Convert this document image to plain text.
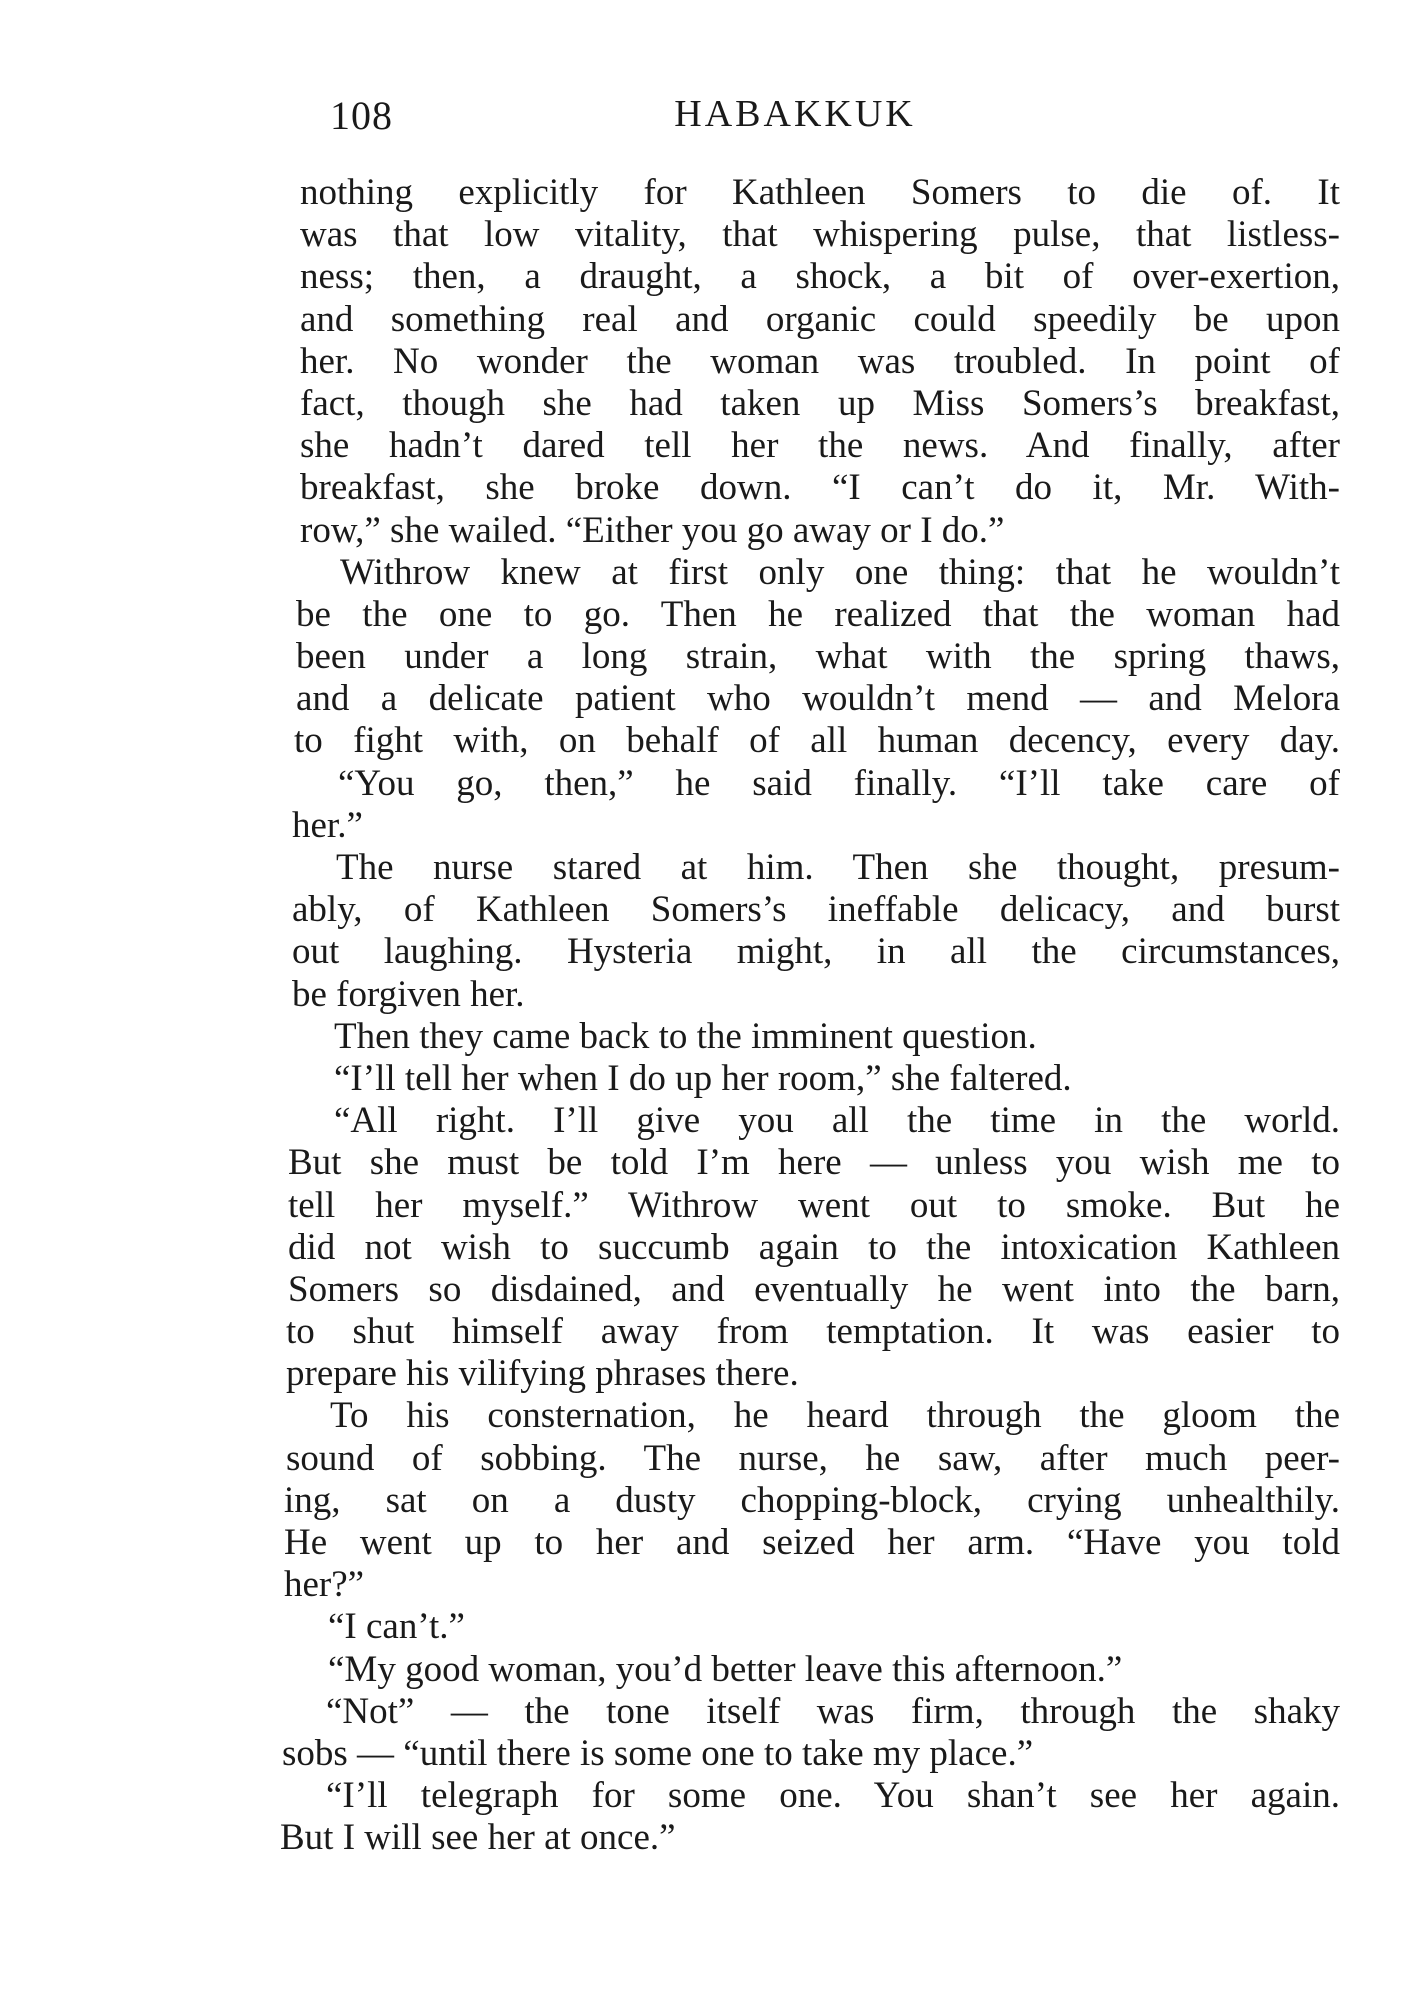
108	HABAKKUK
nothing explicitly for Kathleen Somers to die of. It
was that low vitality, that whispering pulse, that listless-
ness; then, a draught, a shock, a bit of over-exertion,
and something real and organic could speedily be upon
her. No wonder the woman was troubled. In point of
fact, though she had taken up Miss Somers’s breakfast,
she hadn’t dared tell her the news. And finally, after
breakfast, she broke down. “I can’t do it, Mr. With-
row,” she wailed. “Either you go away or I do.”
Withrow knew at first only one thing: that he wouldn’t
be the one to go. Then he realized that the woman had
been under a long strain, what with the spring thaws,
and a delicate patient who wouldn’t mend — and Melora
to fight with, on behalf of all human decency, every day.
“You go, then,” he said finally. “I’ll take care of
her.”
The nurse stared at him. Then she thought, presum-
ably, of Kathleen Somers’s ineffable delicacy, and burst
out laughing. Hysteria might, in all the circumstances,
be forgiven her.
Then they came back to the imminent question.
“I’ll tell her when I do up her room,” she faltered.
“All right. I’ll give you all the time in the world.
But she must be told I’m here — unless you wish me to
tell her myself.” Withrow went out to smoke. But he
did not wish to succumb again to the intoxication Kathleen
Somers so disdained, and eventually he went into the barn,
to shut himself away from temptation. It was easier to
prepare his vilifying phrases there.
To his consternation, he heard through the gloom the
sound of sobbing. The nurse, he saw, after much peer-
ing, sat on a dusty chopping-block, crying unhealthily.
He went up to her and seized her arm. “Have you told
her?”
“I can’t.”
“My good woman, you’d better leave this afternoon.”
“Not” — the tone itself was firm, through the shaky
sobs — “until there is some one to take my place.”
“I’ll telegraph for some one. You shan’t see her again.
But I will see her at once.”
